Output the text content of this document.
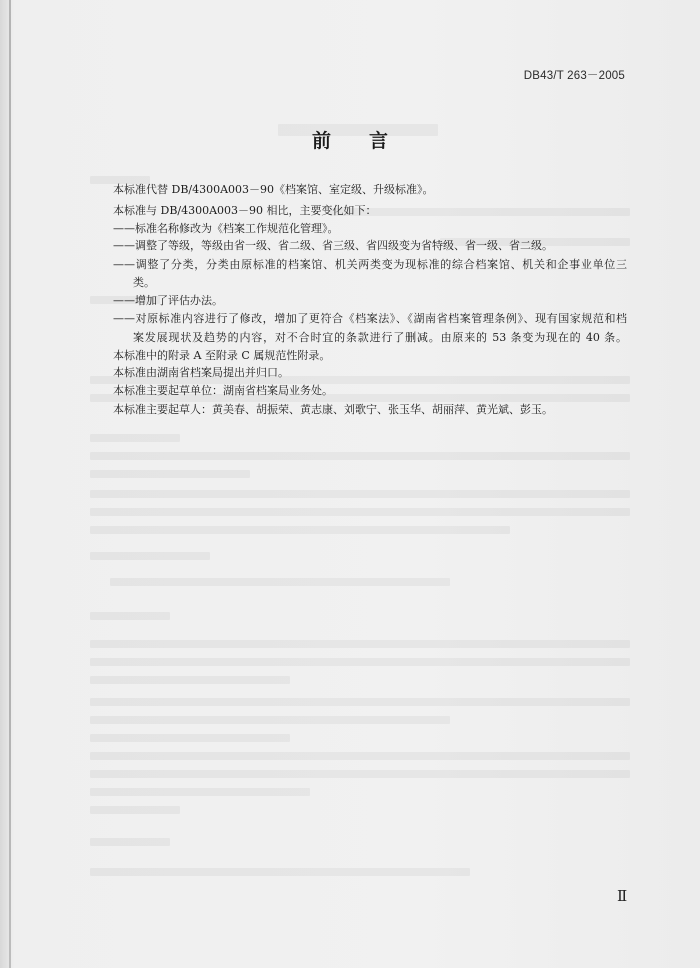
DB43/T 263－2005
前　　言
本标准代替 DB/4300A003－90《档案馆、室定级、升级标准》。
本标准与 DB/4300A003－90 相比，主要变化如下：
——标准名称修改为《档案工作规范化管理》。
——调整了等级，等级由省一级、省二级、省三级、省四级变为省特级、省一级、省二级。
——调整了分类，分类由原标准的档案馆、机关两类变为现标准的综合档案馆、机关和企事业单位三
类。
——增加了评估办法。
——对原标准内容进行了修改，增加了更符合《档案法》、《湖南省档案管理条例》、现有国家规范和档
案发展现状及趋势的内容，对不合时宜的条款进行了删减。由原来的 53 条变为现在的 40 条。
本标准中的附录 A 至附录 C 属规范性附录。
本标准由湖南省档案局提出并归口。
本标准主要起草单位：湖南省档案局业务处。
本标准主要起草人：黄美春、胡振荣、黄志康、刘歌宁、张玉华、胡丽萍、黄光斌、彭玉。
Ⅱ
